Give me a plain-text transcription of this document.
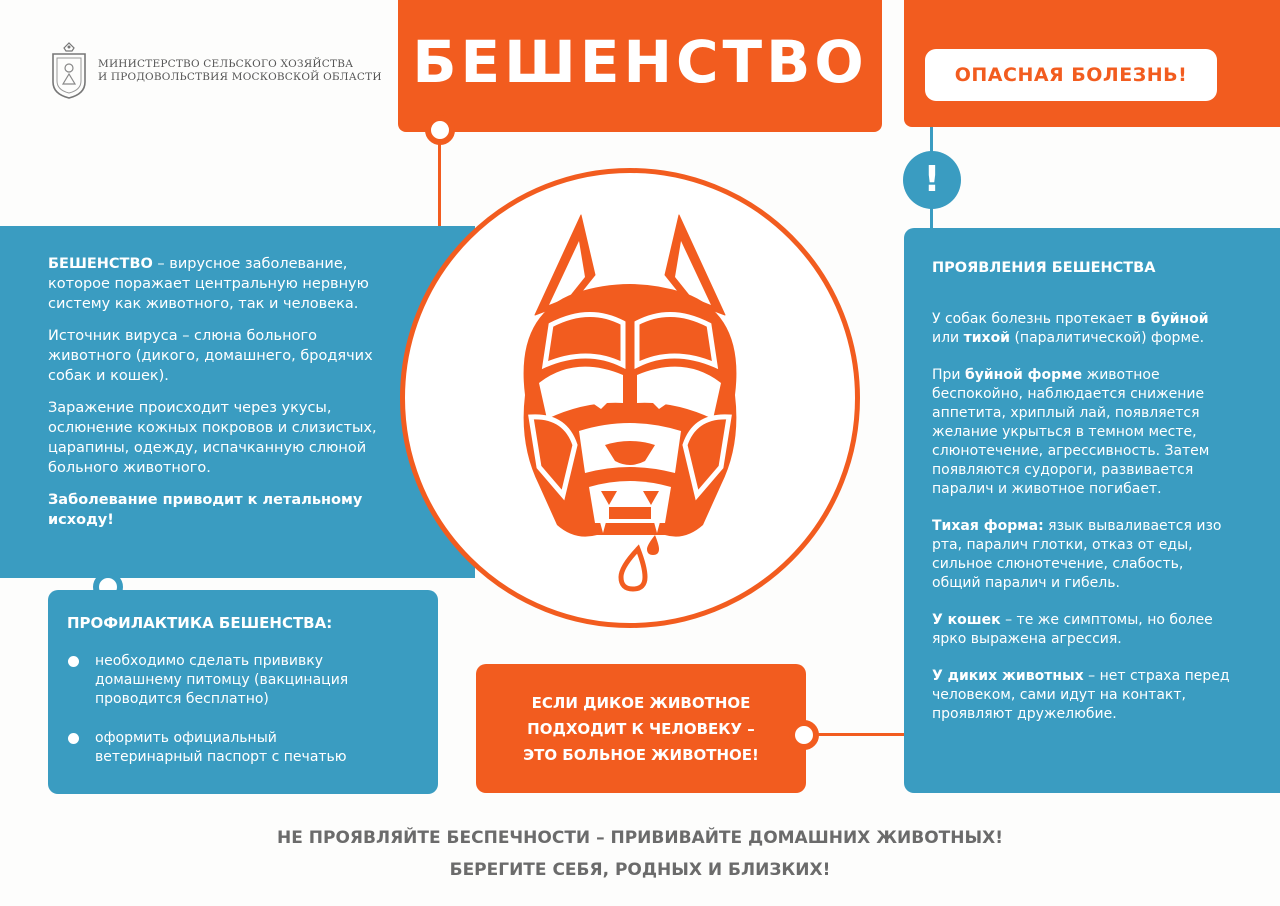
МИНИСТЕРСТВО СЕЛЬСКОГО ХОЗЯЙСТВА
И ПРОДОВОЛЬСТВИЯ МОСКОВСКОЙ ОБЛАСТИ БЕШЕНСТВО	ОПАСНАЯ БОЛЕЗНЬ!
!

БЕШЕНСТВО – вирусное заболевание, которое поражает центральную нервную систему как животного, так и человека.

Источник вируса – слюна больного животного (дикого, домашнего, бродячих собак и кошек).

Заражение происходит через укусы, ослюнение кожных покровов и слизистых, царапины, одежду, испачканную слюной больного животного.

Заболевание приводит к летальному исходу!

ПРОФИЛАКТИКА БЕШЕНСТВА:
необходимо сделать прививку домашнему питомцу (вакцинация проводится бесплатно)
оформить официальный ветеринарный паспорт с печатью
ЕСЛИ ДИКОЕ ЖИВОТНОЕ
ПОДХОДИТ К ЧЕЛОВЕКУ –
ЭТО БОЛЬНОЕ ЖИВОТНОЕ!
ПРОЯВЛЕНИЯ БЕШЕНСТВА

У собак болезнь протекает в буйной или тихой (паралитической) форме.

При буйной форме животное беспокойно, наблюдается снижение аппетита, хриплый лай, появляется желание укрыться в темном месте, слюнотечение, агрессивность. Затем появляются судороги, развивается паралич и животное погибает.

Тихая форма: язык вываливается изо рта, паралич глотки, отказ от еды, сильное слюнотечение, слабость, общий паралич и гибель.

У кошек – те же симптомы, но более ярко выражена агрессия.

У диких животных – нет страха перед человеком, сами идут на контакт, проявляют дружелюбие.

НЕ ПРОЯВЛЯЙТЕ БЕСПЕЧНОСТИ – ПРИВИВАЙТЕ ДОМАШНИХ ЖИВОТНЫХ!
БЕРЕГИТЕ СЕБЯ, РОДНЫХ И БЛИЗКИХ!
